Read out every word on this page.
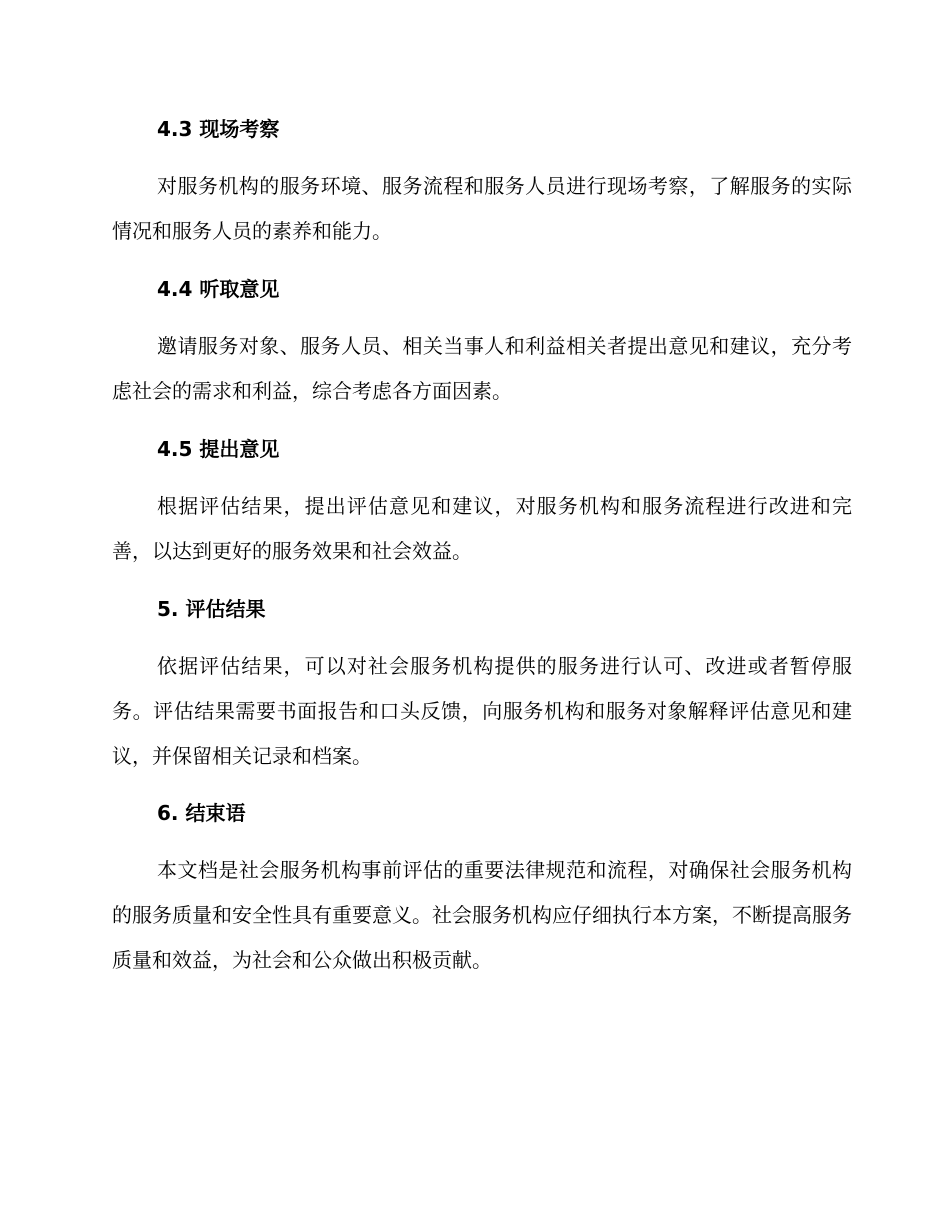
4.3 现场考察
对服务机构的服务环境、服务流程和服务人员进行现场考察，了解服务的实际情况和服务人员的素养和能力。
4.4 听取意见
邀请服务对象、服务人员、相关当事人和利益相关者提出意见和建议，充分考虑社会的需求和利益，综合考虑各方面因素。
4.5 提出意见
根据评估结果，提出评估意见和建议，对服务机构和服务流程进行改进和完善，以达到更好的服务效果和社会效益。
5. 评估结果
依据评估结果，可以对社会服务机构提供的服务进行认可、改进或者暂停服务。评估结果需要书面报告和口头反馈，向服务机构和服务对象解释评估意见和建议，并保留相关记录和档案。
6. 结束语
本文档是社会服务机构事前评估的重要法律规范和流程，对确保社会服务机构的服务质量和安全性具有重要意义。社会服务机构应仔细执行本方案，不断提高服务质量和效益，为社会和公众做出积极贡献。
